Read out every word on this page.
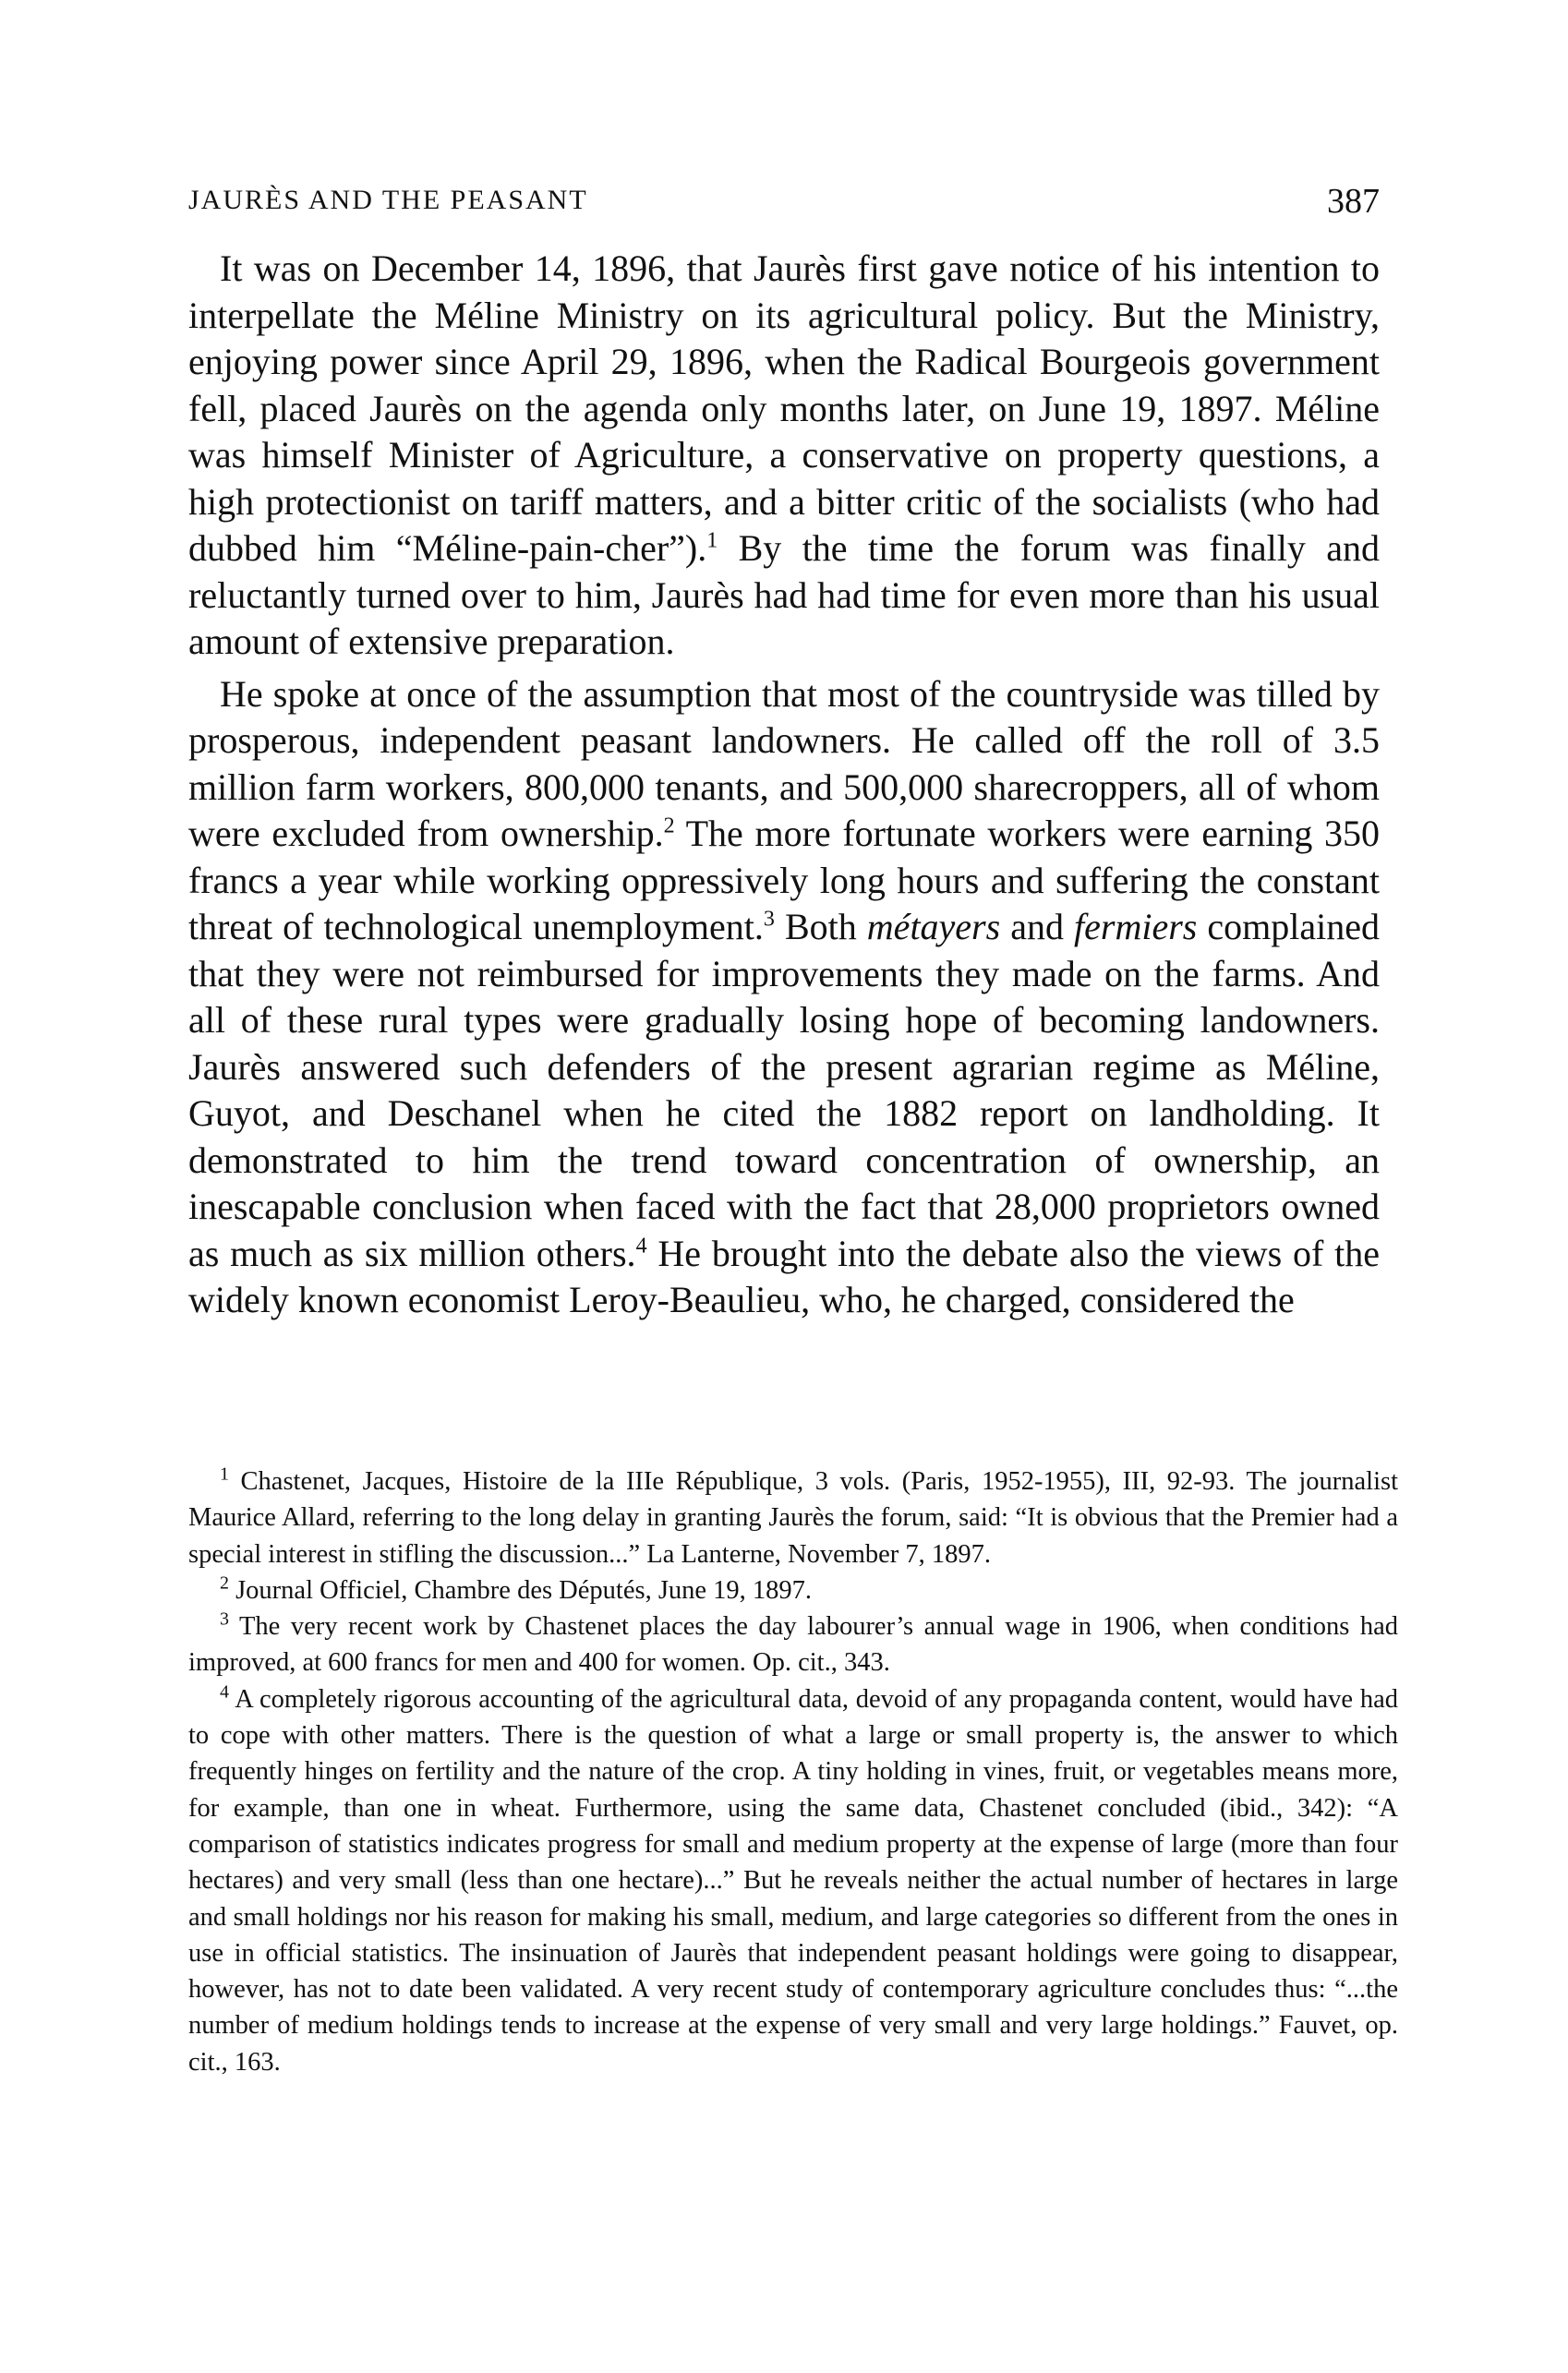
JAURÈS AND THE PEASANT	387

It was on December 14, 1896, that Jaurès first gave notice of his intention to interpellate the Méline Ministry on its agricultural policy. But the Ministry, enjoying power since April 29, 1896, when the Radical Bourgeois government fell, placed Jaurès on the agenda only months later, on June 19, 1897. Méline was himself Minister of Agriculture, a conservative on property questions, a high protectionist on tariff matters, and a bitter critic of the socialists (who had dubbed him “Méline-pain-cher”).$^1$ By the time the forum was finally and reluctantly turned over to him, Jaurès had had time for even more than his usual amount of extensive preparation.

He spoke at once of the assumption that most of the countryside was tilled by prosperous, independent peasant landowners. He called off the roll of 3.5 million farm workers, 800,000 tenants, and 500,000 sharecroppers, all of whom were excluded from ownership.$^2$ The more fortunate workers were earning 350 francs a year while working oppressively long hours and suffering the constant threat of technological unemployment.$^3$ Both métayers and fermiers complained that they were not reimbursed for improvements they made on the farms. And all of these rural types were gradually losing hope of becoming landowners. Jaurès answered such defenders of the present agrarian regime as Méline, Guyot, and Deschanel when he cited the 1882 report on landholding. It demonstrated to him the trend toward concentration of ownership, an inescapable conclusion when faced with the fact that 28,000 proprietors owned as much as six million others.$^4$ He brought into the debate also the views of the widely known economist Leroy-Beaulieu, who, he charged, considered the

$^1$ Chastenet, Jacques, Histoire de la IIIe République, 3 vols. (Paris, 1952-1955), III, 92-93. The journalist Maurice Allard, referring to the long delay in granting Jaurès the forum, said: “It is obvious that the Premier had a special interest in stifling the discussion...” La Lanterne, November 7, 1897.

$^2$ Journal Officiel, Chambre des Députés, June 19, 1897.

$^3$ The very recent work by Chastenet places the day labourer’s annual wage in 1906, when conditions had improved, at 600 francs for men and 400 for women. Op. cit., 343.

$^4$ A completely rigorous accounting of the agricultural data, devoid of any propaganda content, would have had to cope with other matters. There is the question of what a large or small property is, the answer to which frequently hinges on fertility and the nature of the crop. A tiny holding in vines, fruit, or vegetables means more, for example, than one in wheat. Furthermore, using the same data, Chastenet concluded (ibid., 342): “A comparison of statistics indicates progress for small and medium property at the expense of large (more than four hectares) and very small (less than one hectare)...” But he reveals neither the actual number of hectares in large and small holdings nor his reason for making his small, medium, and large categories so different from the ones in use in official statistics. The insinuation of Jaurès that independent peasant holdings were going to disappear, however, has not to date been validated. A very recent study of contemporary agriculture concludes thus: “...the number of medium holdings tends to increase at the expense of very small and very large holdings.” Fauvet, op. cit., 163.
